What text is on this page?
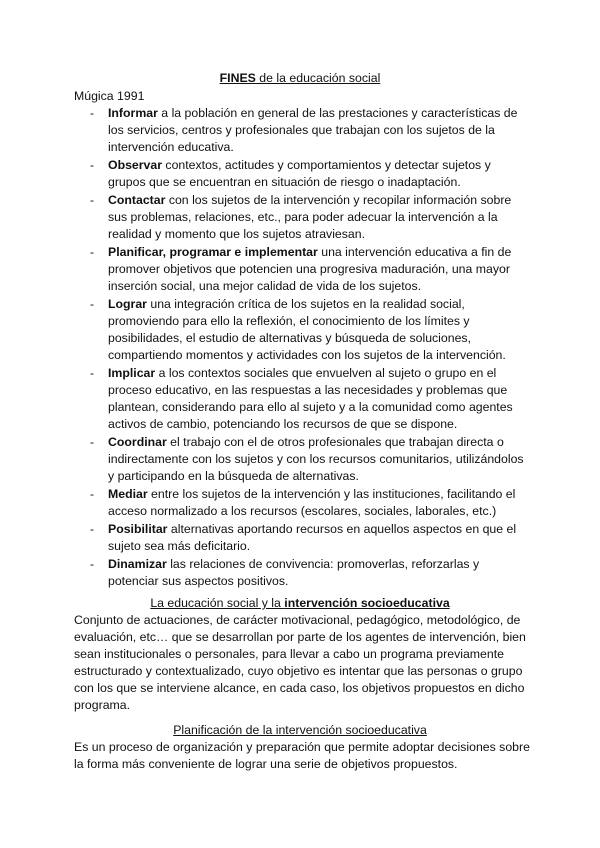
FINES de la educación social
Múgica 1991
- Informar a la población en general de las prestaciones y características de los servicios, centros y profesionales que trabajan con los sujetos de la intervención educativa.
- Observar contextos, actitudes y comportamientos y detectar sujetos y grupos que se encuentran en situación de riesgo o inadaptación.
- Contactar con los sujetos de la intervención y recopilar información sobre sus problemas, relaciones, etc., para poder adecuar la intervención a la realidad y momento que los sujetos atraviesan.
- Planificar, programar e implementar una intervención educativa a fin de promover objetivos que potencien una progresiva maduración, una mayor inserción social, una mejor calidad de vida de los sujetos.
- Lograr una integración crítica de los sujetos en la realidad social, promoviendo para ello la reflexión, el conocimiento de los límites y posibilidades, el estudio de alternativas y búsqueda de soluciones, compartiendo momentos y actividades con los sujetos de la intervención.
- Implicar a los contextos sociales que envuelven al sujeto o grupo en el proceso educativo, en las respuestas a las necesidades y problemas que plantean, considerando para ello al sujeto y a la comunidad como agentes activos de cambio, potenciando los recursos de que se dispone.
- Coordinar el trabajo con el de otros profesionales que trabajan directa o indirectamente con los sujetos y con los recursos comunitarios, utilizándolos y participando en la búsqueda de alternativas.
- Mediar entre los sujetos de la intervención y las instituciones, facilitando el acceso normalizado a los recursos (escolares, sociales, laborales, etc.)
- Posibilitar alternativas aportando recursos en aquellos aspectos en que el sujeto sea más deficitario.
- Dinamizar las relaciones de convivencia: promoverlas, reforzarlas y potenciar sus aspectos positivos.
La educación social y la intervención socioeducativa
Conjunto de actuaciones, de carácter motivacional, pedagógico, metodológico, de evaluación, etc… que se desarrollan por parte de los agentes de intervención, bien sean institucionales o personales, para llevar a cabo un programa previamente estructurado y contextualizado, cuyo objetivo es intentar que las personas o grupo con los que se interviene alcance, en cada caso, los objetivos propuestos en dicho programa.
Planificación de la intervención socioeducativa
Es un proceso de organización y preparación que permite adoptar decisiones sobre la forma más conveniente de lograr una serie de objetivos propuestos.
